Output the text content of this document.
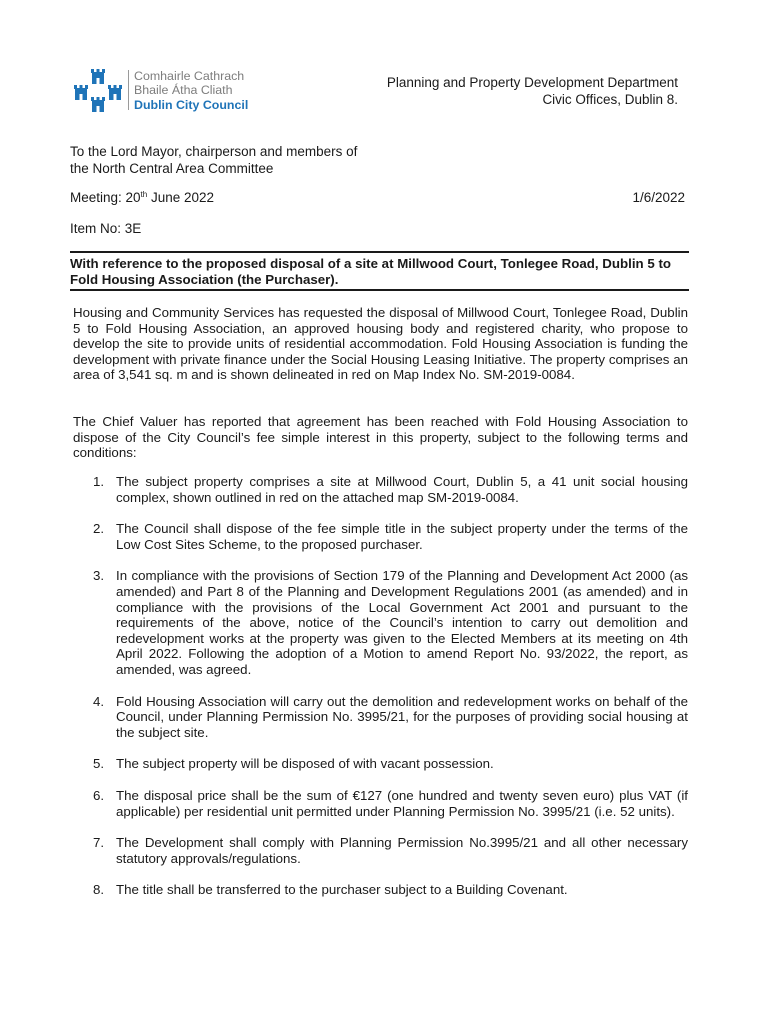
Comhairle Cathrach
Bhaile Átha Cliath
Dublin City Council
Planning and Property Development Department
Civic Offices, Dublin 8.
To the Lord Mayor, chairperson and members of
the North Central Area Committee
Meeting: 20th June 2022	1/6/2022
Item No: 3E
With reference to the proposed disposal of a site at Millwood Court, Tonlegee Road, Dublin 5 to Fold Housing Association (the Purchaser).
Housing and Community Services has requested the disposal of Millwood Court, Tonlegee Road, Dublin 5 to Fold Housing Association, an approved housing body and registered charity, who propose to develop the site to provide units of residential accommodation. Fold Housing Association is funding the development with private finance under the Social Housing Leasing Initiative. The property comprises an area of 3,541 sq. m and is shown delineated in red on Map Index No. SM-2019-0084.
The Chief Valuer has reported that agreement has been reached with Fold Housing Association to dispose of the City Council’s fee simple interest in this property, subject to the following terms and conditions:
1. The subject property comprises a site at Millwood Court, Dublin 5, a 41 unit social housing complex, shown outlined in red on the attached map SM-2019-0084.
2. The Council shall dispose of the fee simple title in the subject property under the terms of the Low Cost Sites Scheme, to the proposed purchaser.
3. In compliance with the provisions of Section 179 of the Planning and Development Act 2000 (as amended) and Part 8 of the Planning and Development Regulations 2001 (as amended) and in compliance with the provisions of the Local Government Act 2001 and pursuant to the requirements of the above, notice of the Council’s intention to carry out demolition and redevelopment works at the property was given to the Elected Members at its meeting on 4th April 2022. Following the adoption of a Motion to amend Report No. 93/2022, the report, as amended, was agreed.
4. Fold Housing Association will carry out the demolition and redevelopment works on behalf of the Council, under Planning Permission No. 3995/21, for the purposes of providing social housing at the subject site.
5. The subject property will be disposed of with vacant possession.
6. The disposal price shall be the sum of €127 (one hundred and twenty seven euro) plus VAT (if applicable) per residential unit permitted under Planning Permission No. 3995/21 (i.e. 52 units).
7. The Development shall comply with Planning Permission No.3995/21 and all other necessary statutory approvals/regulations.
8. The title shall be transferred to the purchaser subject to a Building Covenant.
